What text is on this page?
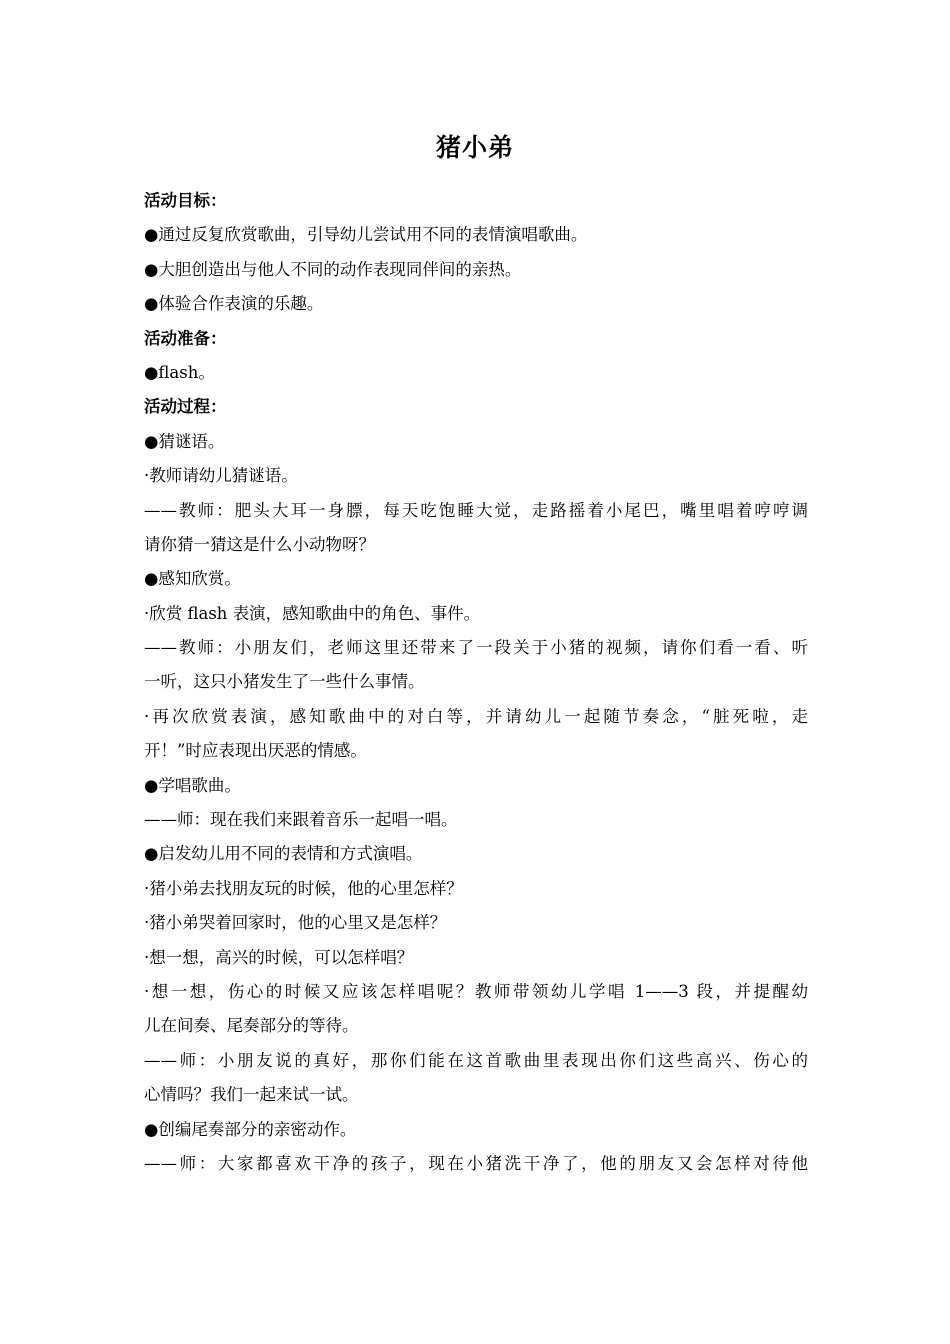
猪小弟
活动目标：
●通过反复欣赏歌曲，引导幼儿尝试用不同的表情演唱歌曲。
●大胆创造出与他人不同的动作表现同伴间的亲热。
●体验合作表演的乐趣。
活动准备：
●flash。
活动过程：
●猜谜语。
·教师请幼儿猜谜语。
——教师：肥头大耳一身膘，每天吃饱睡大觉，走路摇着小尾巴，嘴里唱着哼哼调
请你猜一猜这是什么小动物呀？
●感知欣赏。
·欣赏 flash 表演，感知歌曲中的角色、事件。
——教师：小朋友们，老师这里还带来了一段关于小猪的视频，请你们看一看、听
一听，这只小猪发生了一些什么事情。
·再次欣赏表演，感知歌曲中的对白等，并请幼儿一起随节奏念，“脏死啦，走
开！”时应表现出厌恶的情感。
●学唱歌曲。
——师：现在我们来跟着音乐一起唱一唱。
●启发幼儿用不同的表情和方式演唱。
·猪小弟去找朋友玩的时候，他的心里怎样？
·猪小弟哭着回家时，他的心里又是怎样？
·想一想，高兴的时候，可以怎样唱？
·想一想，伤心的时候又应该怎样唱呢？教师带领幼儿学唱 1——3 段，并提醒幼
儿在间奏、尾奏部分的等待。
——师：小朋友说的真好，那你们能在这首歌曲里表现出你们这些高兴、伤心的
心情吗？我们一起来试一试。
●创编尾奏部分的亲密动作。
——师：大家都喜欢干净的孩子，现在小猪洗干净了，他的朋友又会怎样对待他
